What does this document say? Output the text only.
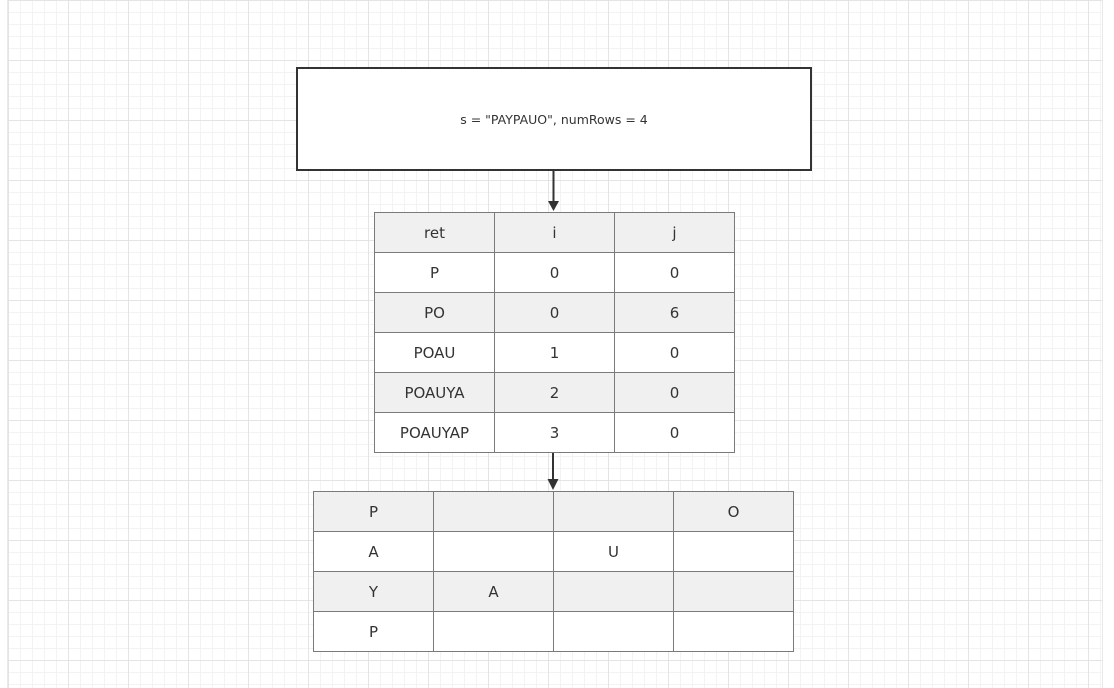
s = "PAYPAUO", numRows = 4
ret	i	j
P	0	0
PO	0	6
POAU	1	0
POAUYA	2	0
POAUYAP	3	0
P			O
A		U	
Y	A		
P			
